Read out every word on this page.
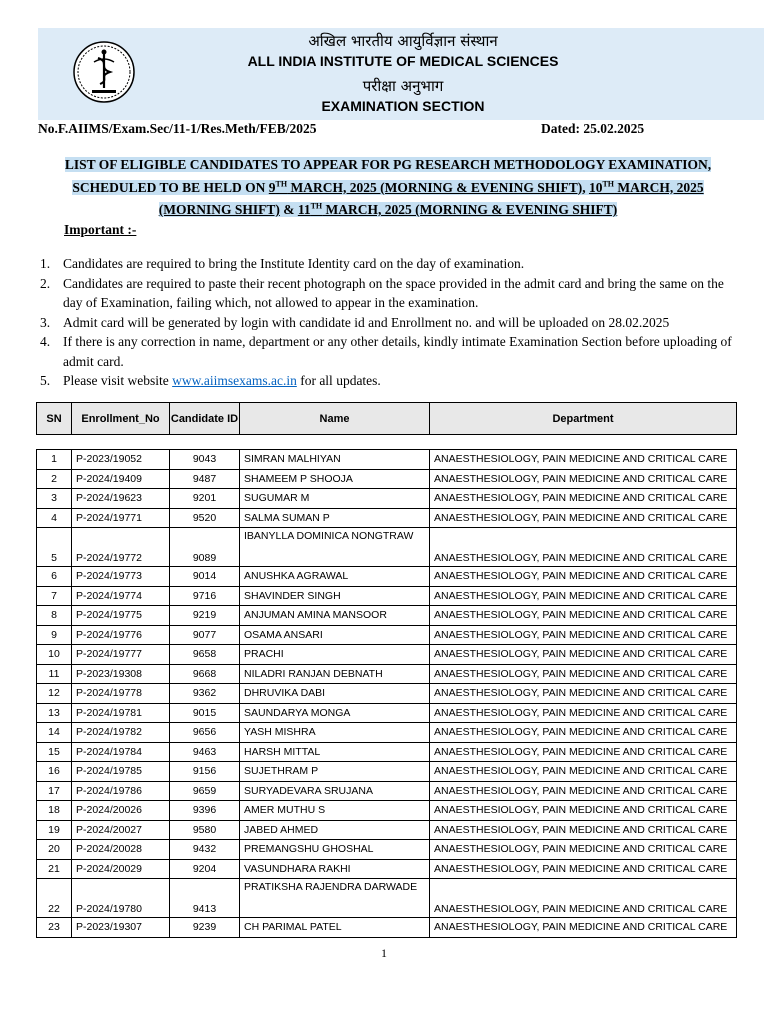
अखिल भारतीय आयुर्विज्ञान संस्थान
ALL INDIA INSTITUTE OF MEDICAL SCIENCES
परीक्षा अनुभाग
EXAMINATION SECTION
No.F.AIIMS/Exam.Sec/11-1/Res.Meth/FEB/2025	Dated: 25.02.2025
LIST OF ELIGIBLE CANDIDATES TO APPEAR FOR PG RESEARCH METHODOLOGY EXAMINATION,
SCHEDULED TO BE HELD ON 9TH MARCH, 2025 (MORNING & EVENING SHIFT), 10TH MARCH, 2025
(MORNING SHIFT) & 11TH MARCH, 2025 (MORNING & EVENING SHIFT)
Important :-
1. Candidates are required to bring the Institute Identity card on the day of examination.
2. Candidates are required to paste their recent photograph on the space provided in the admit card and bring the same on the day of Examination, failing which, not allowed to appear in the examination.
3. Admit card will be generated by login with candidate id and Enrollment no. and will be uploaded on 28.02.2025
4. If there is any correction in name, department or any other details, kindly intimate Examination Section before uploading of admit card.
5. Please visit website www.aiimsexams.ac.in for all updates.
SN	Enrollment_No	Candidate ID	Name	Department
1	P-2023/19052	9043	SIMRAN MALHIYAN	ANAESTHESIOLOGY, PAIN MEDICINE AND CRITICAL CARE
2	P-2024/19409	9487	SHAMEEM P SHOOJA	ANAESTHESIOLOGY, PAIN MEDICINE AND CRITICAL CARE
3	P-2024/19623	9201	SUGUMAR M	ANAESTHESIOLOGY, PAIN MEDICINE AND CRITICAL CARE
4	P-2024/19771	9520	SALMA SUMAN P	ANAESTHESIOLOGY, PAIN MEDICINE AND CRITICAL CARE
5	P-2024/19772	9089	IBANYLLA DOMINICA NONGTRAW	ANAESTHESIOLOGY, PAIN MEDICINE AND CRITICAL CARE
6	P-2024/19773	9014	ANUSHKA AGRAWAL	ANAESTHESIOLOGY, PAIN MEDICINE AND CRITICAL CARE
7	P-2024/19774	9716	SHAVINDER SINGH	ANAESTHESIOLOGY, PAIN MEDICINE AND CRITICAL CARE
8	P-2024/19775	9219	ANJUMAN AMINA MANSOOR	ANAESTHESIOLOGY, PAIN MEDICINE AND CRITICAL CARE
9	P-2024/19776	9077	OSAMA ANSARI	ANAESTHESIOLOGY, PAIN MEDICINE AND CRITICAL CARE
10	P-2024/19777	9658	PRACHI	ANAESTHESIOLOGY, PAIN MEDICINE AND CRITICAL CARE
11	P-2023/19308	9668	NILADRI RANJAN DEBNATH	ANAESTHESIOLOGY, PAIN MEDICINE AND CRITICAL CARE
12	P-2024/19778	9362	DHRUVIKA DABI	ANAESTHESIOLOGY, PAIN MEDICINE AND CRITICAL CARE
13	P-2024/19781	9015	SAUNDARYA MONGA	ANAESTHESIOLOGY, PAIN MEDICINE AND CRITICAL CARE
14	P-2024/19782	9656	YASH MISHRA	ANAESTHESIOLOGY, PAIN MEDICINE AND CRITICAL CARE
15	P-2024/19784	9463	HARSH MITTAL	ANAESTHESIOLOGY, PAIN MEDICINE AND CRITICAL CARE
16	P-2024/19785	9156	SUJETHRAM P	ANAESTHESIOLOGY, PAIN MEDICINE AND CRITICAL CARE
17	P-2024/19786	9659	SURYADEVARA SRUJANA	ANAESTHESIOLOGY, PAIN MEDICINE AND CRITICAL CARE
18	P-2024/20026	9396	AMER MUTHU S	ANAESTHESIOLOGY, PAIN MEDICINE AND CRITICAL CARE
19	P-2024/20027	9580	JABED AHMED	ANAESTHESIOLOGY, PAIN MEDICINE AND CRITICAL CARE
20	P-2024/20028	9432	PREMANGSHU GHOSHAL	ANAESTHESIOLOGY, PAIN MEDICINE AND CRITICAL CARE
21	P-2024/20029	9204	VASUNDHARA RAKHI	ANAESTHESIOLOGY, PAIN MEDICINE AND CRITICAL CARE
22	P-2024/19780	9413	PRATIKSHA RAJENDRA DARWADE	ANAESTHESIOLOGY, PAIN MEDICINE AND CRITICAL CARE
23	P-2023/19307	9239	CH PARIMAL PATEL	ANAESTHESIOLOGY, PAIN MEDICINE AND CRITICAL CARE
1
